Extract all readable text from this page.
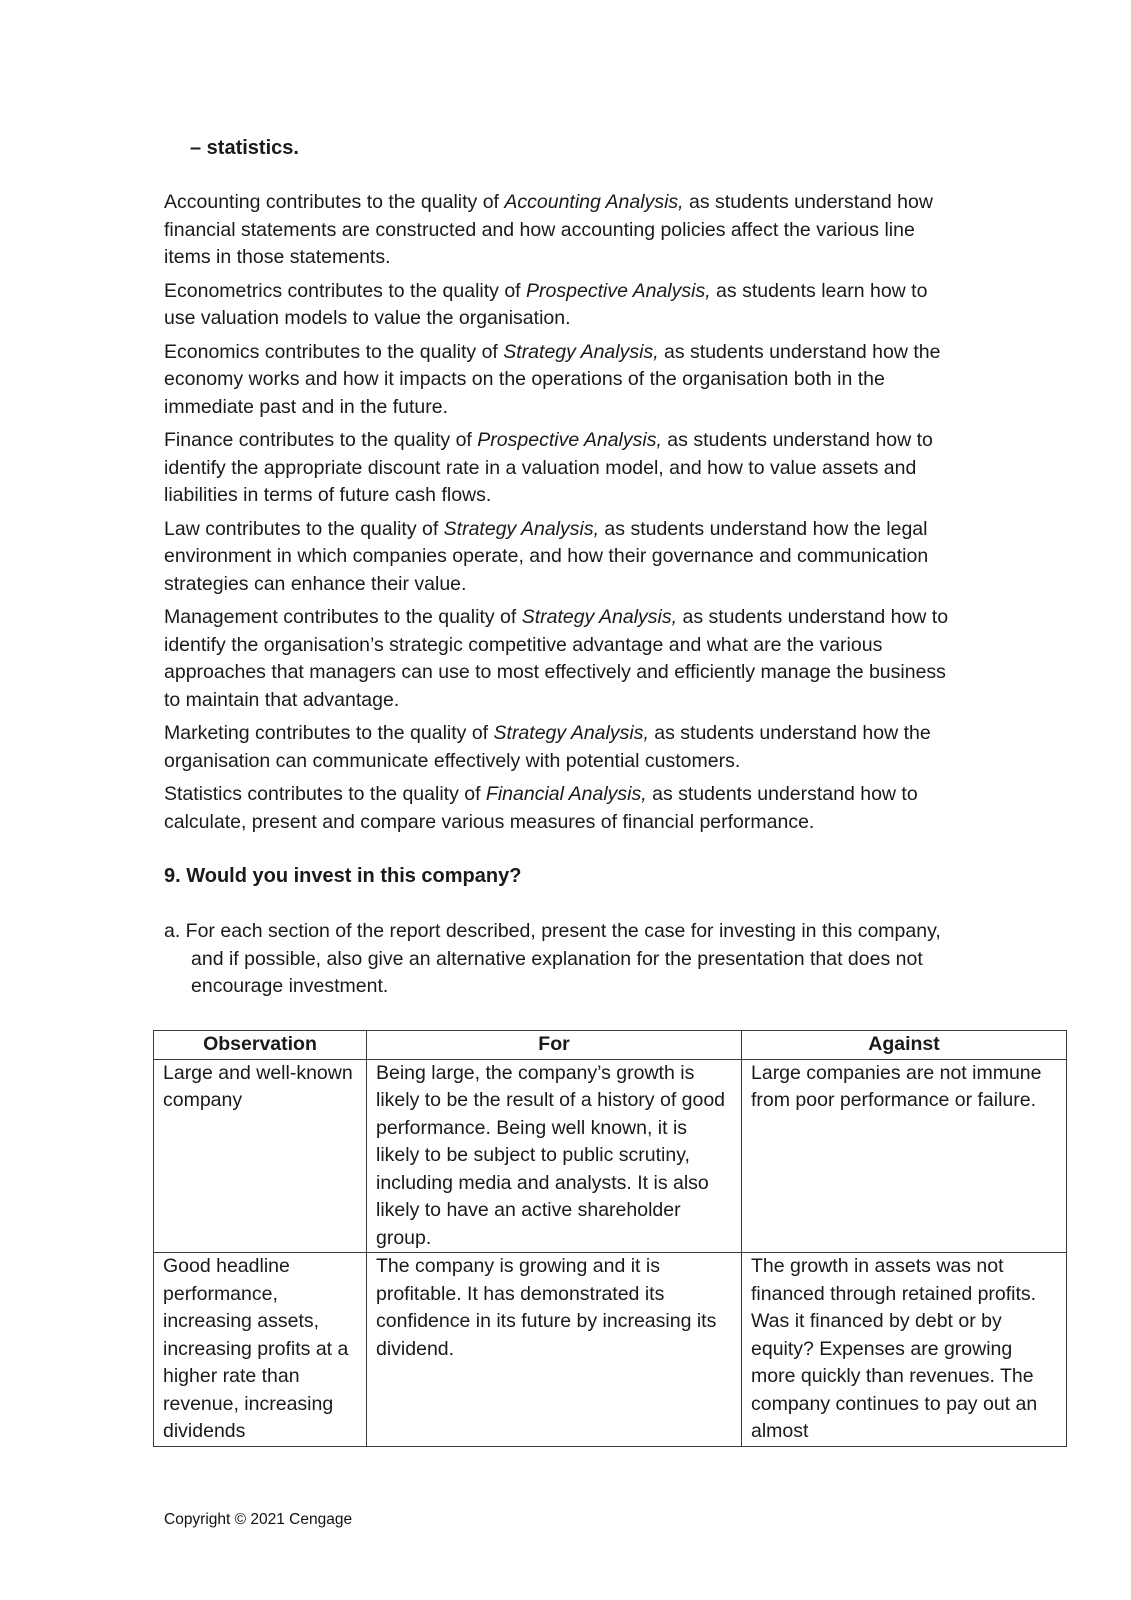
– statistics.

Accounting contributes to the quality of Accounting Analysis, as students understand how financial statements are constructed and how accounting policies affect the various line items in those statements.

Econometrics contributes to the quality of Prospective Analysis, as students learn how to use valuation models to value the organisation.

Economics contributes to the quality of Strategy Analysis, as students understand how the economy works and how it impacts on the operations of the organisation both in the immediate past and in the future.

Finance contributes to the quality of Prospective Analysis, as students understand how to identify the appropriate discount rate in a valuation model, and how to value assets and liabilities in terms of future cash flows.

Law contributes to the quality of Strategy Analysis, as students understand how the legal environment in which companies operate, and how their governance and communication strategies can enhance their value.

Management contributes to the quality of Strategy Analysis, as students understand how to identify the organisation’s strategic competitive advantage and what are the various approaches that managers can use to most effectively and efficiently manage the business to maintain that advantage.

Marketing contributes to the quality of Strategy Analysis, as students understand how the organisation can communicate effectively with potential customers.

Statistics contributes to the quality of Financial Analysis, as students understand how to calculate, present and compare various measures of financial performance.

9. Would you invest in this company?
a. For each section of the report described, present the case for investing in this company, and if possible, also give an alternative explanation for the presentation that does not encourage investment.
Observation	For	Against
Large and well-known company	Being large, the company’s growth is likely to be the result of a history of good performance. Being well known, it is likely to be subject to public scrutiny, including media and analysts. It is also likely to have an active shareholder group.	Large companies are not immune from poor performance or failure.
Good headline performance, increasing assets, increasing profits at a higher rate than revenue, increasing dividends	The company is growing and it is profitable. It has demonstrated its confidence in its future by increasing its dividend.	The growth in assets was not financed through retained profits. Was it financed by debt or by equity? Expenses are growing more quickly than revenues. The company continues to pay out an almost
Copyright © 2021 Cengage
